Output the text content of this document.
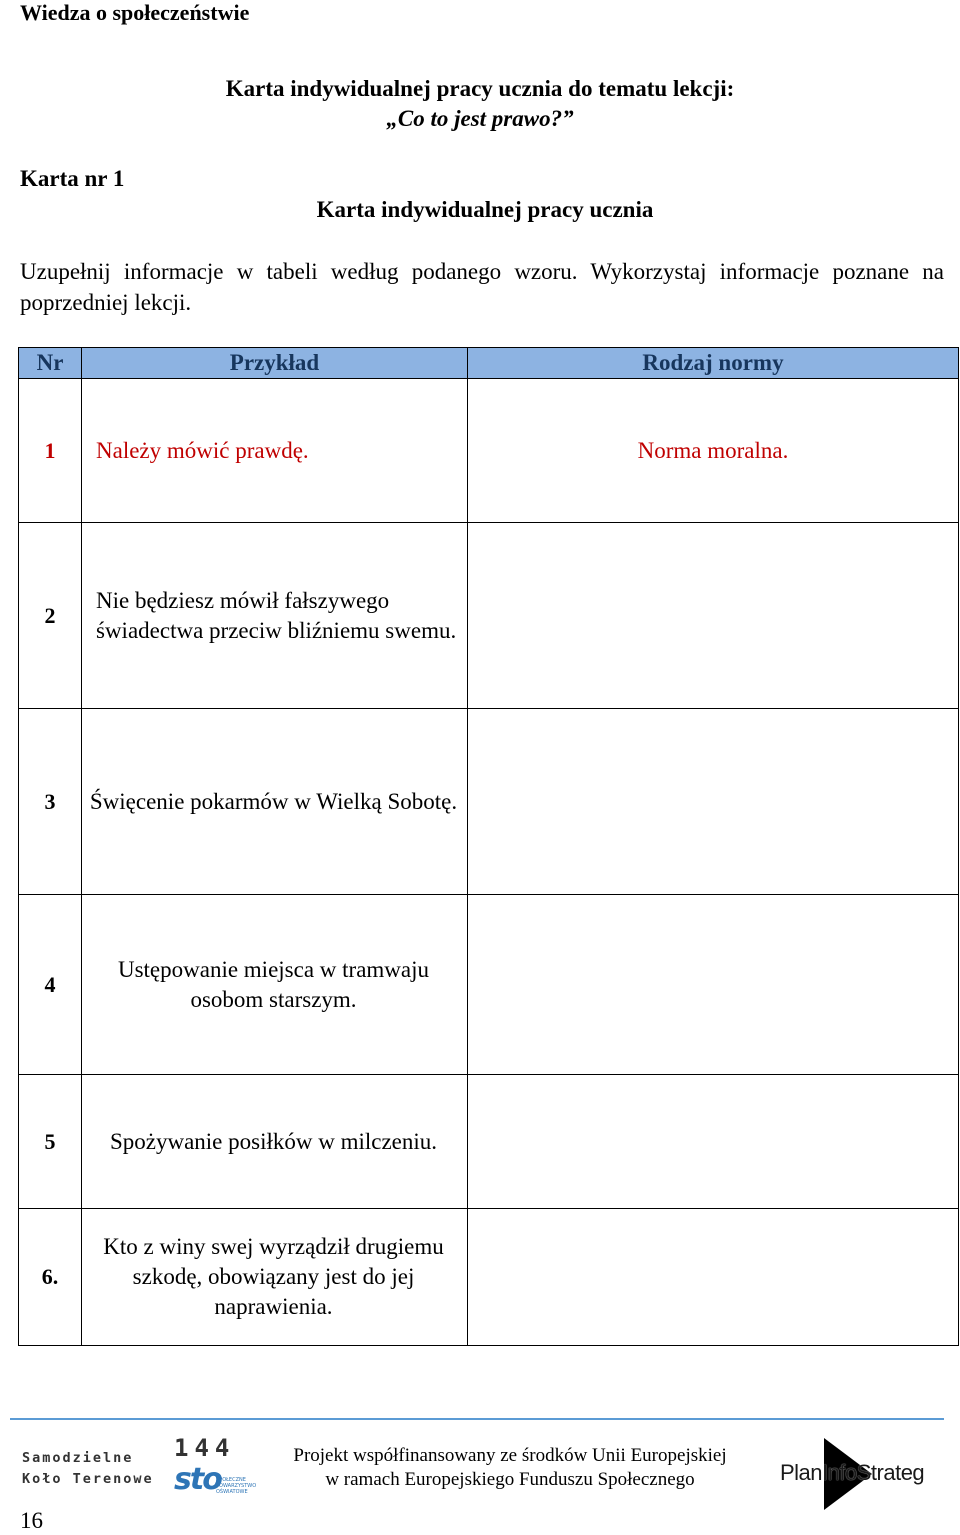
Wiedza o społeczeństwie
Karta indywidualnej pracy ucznia do tematu lekcji:
„Co to jest prawo?”
Karta nr 1
Karta indywidualnej pracy ucznia
Uzupełnij informacje w tabeli według podanego wzoru. Wykorzystaj informacje poznane na poprzedniej lekcji.
Nr	Przykład	Rodzaj normy
1	Należy mówić prawdę.	Norma moralna.
2	Nie będziesz mówił fałszywego świadectwa przeciw bliźniemu swemu.	
3	Święcenie pokarmów w Wielką Sobotę.	
4	Ustępowanie miejsca w tramwaju osobom starszym.	
5	Spożywanie posiłków w milczeniu.	
6.	Kto z winy swej wyrządził drugiemu szkodę, obowiązany jest do jej naprawienia.	
Samodzielne
Koło Terenowe
144
sto
SPOŁECZNE TOWARZYSTWO OŚWIATOWE
Projekt współfinansowany ze środków Unii Europejskiej
w ramach Europejskiego Funduszu Społecznego	PlanInfoStrateg
16
